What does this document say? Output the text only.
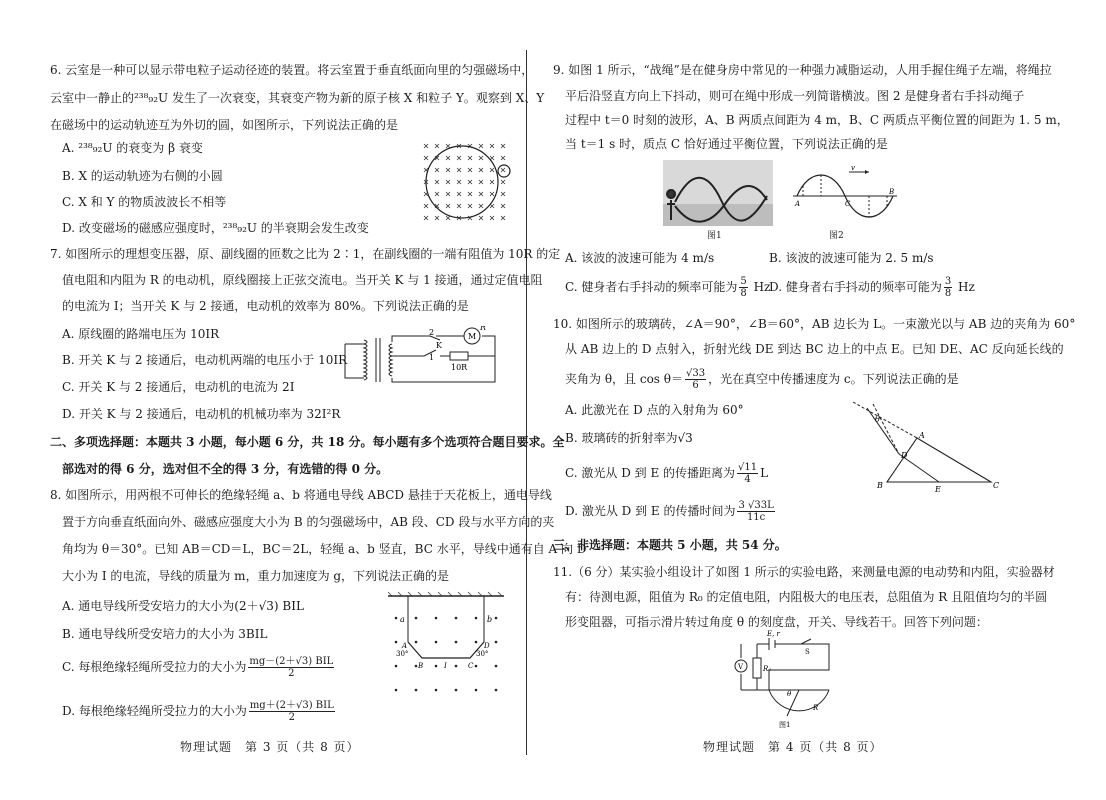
6. 云室是一种可以显示带电粒子运动径迹的装置。将云室置于垂直纸面向里的匀强磁场中，
云室中一静止的²³⁸₉₂U 发生了一次衰变，其衰变产物为新的原子核 X 和粒子 Y。观察到 X、Y
在磁场中的运动轨迹互为外切的圆，如图所示，下列说法正确的是
A. ²³⁸₉₂U 的衰变为 β 衰变
B. X 的运动轨迹为右侧的小圆
C. X 和 Y 的物质波波长不相等
D. 改变磁场的磁感应强度时，²³⁸₉₂U 的半衰期会发生改变
7. 如图所示的理想变压器，原、副线圈的匝数之比为 2∶1，在副线圈的一端有阻值为 10R 的定
值电阻和内阻为 R 的电动机，原线圈接上正弦交流电。当开关 K 与 1 接通，通过定值电阻
的电流为 I；当开关 K 与 2 接通，电动机的效率为 80%。下列说法正确的是
A. 原线圈的路端电压为 10IR
B. 开关 K 与 2 接通后，电动机两端的电压小于 10IR
C. 开关 K 与 2 接通后，电动机的电流为 2I
D. 开关 K 与 2 接通后，电动机的机械功率为 32I²R
2
1
K
M
R
10R
二、多项选择题：本题共 3 小题，每小题 6 分，共 18 分。每小题有多个选项符合题目要求。全
部选对的得 6 分，选对但不全的得 3 分，有选错的得 0 分。
8. 如图所示，用两根不可伸长的绝缘轻绳 a、b 将通电导线 ABCD 悬挂于天花板上，通电导线
置于方向垂直纸面向外、磁感应强度大小为 B 的匀强磁场中，AB 段、CD 段与水平方向的夹
角均为 θ＝30°。已知 AB＝CD＝L，BC＝2L，轻绳 a、b 竖直，BC 水平，导线中通有自 A 向 D
大小为 I 的电流，导线的质量为 m，重力加速度为 g，下列说法正确的是
A. 通电导线所受安培力的大小为(2＋√3) BIL
B. 通电导线所受安培力的大小为 3BIL
C. 每根绝缘轻绳所受拉力的大小为 $\frac{\text{mg－(2＋√3) BIL}}{2}$
D. 每根绝缘轻绳所受拉力的大小为 $\frac{\text{mg＋(2＋√3) BIL}}{2}$
a	b
A
B	I	C
D
30°	30°
物理试题　第 3 页（共 8 页）
9. 如图 1 所示，“战绳”是在健身房中常见的一种强力减脂运动，人用手握住绳子左端，将绳拉
平后沿竖直方向上下抖动，则可在绳中形成一列简谐横波。图 2 是健身者右手抖动绳子
过程中 t＝0 时刻的波形，A、B 两质点间距为 4 m，B、C 两质点平衡位置的间距为 1. 5 m，
当 t＝1 s 时，质点 C 恰好通过平衡位置，下列说法正确的是
图1
v
A
B
C
图2
A. 该波的波速可能为 4 m/s	B. 该波的波速可能为 2. 5 m/s
C. 健身者右手抖动的频率可能为 $\frac{5}{8}$ Hz
D. 健身者右手抖动的频率可能为 $\frac{3}{8}$ Hz
10. 如图所示的玻璃砖，∠A＝90°，∠B＝60°，AB 边长为 L。一束激光以与 AB 边的夹角为 60°
从 AB 边上的 D 点射入，折射光线 DE 到达 BC 边上的中点 E。已知 DE、AC 反向延长线的
夹角为 θ，且 $\cos \theta= \frac{√33}{6}$ ，光在真空中传播速度为 c。下列说法正确的是
A. 此激光在 D 点的入射角为 60°
B. 玻璃砖的折射率为√3
C. 激光从 D 到 E 的传播距离为 $\frac{√11}{4}$ L
D. 激光从 D 到 E 的传播时间为 $\frac{3 √33L}{11c}$
θ
A
D
B	E	C
三、非选择题：本题共 5 小题，共 54 分。
11.（6 分）某实验小组设计了如图 1 所示的实验电路，来测量电源的电动势和内阻，实验器材
有：待测电源，阻值为 R₀ 的定值电阻，内阻极大的电压表，总阻值为 R 且阻值均匀的半圆
形变阻器，可指示滑片转过角度 θ 的刻度盘，开关、导线若干。回答下列问题：
E, r
S
V	R₀
θ
R
图1
物理试题　第 4 页（共 8 页）
